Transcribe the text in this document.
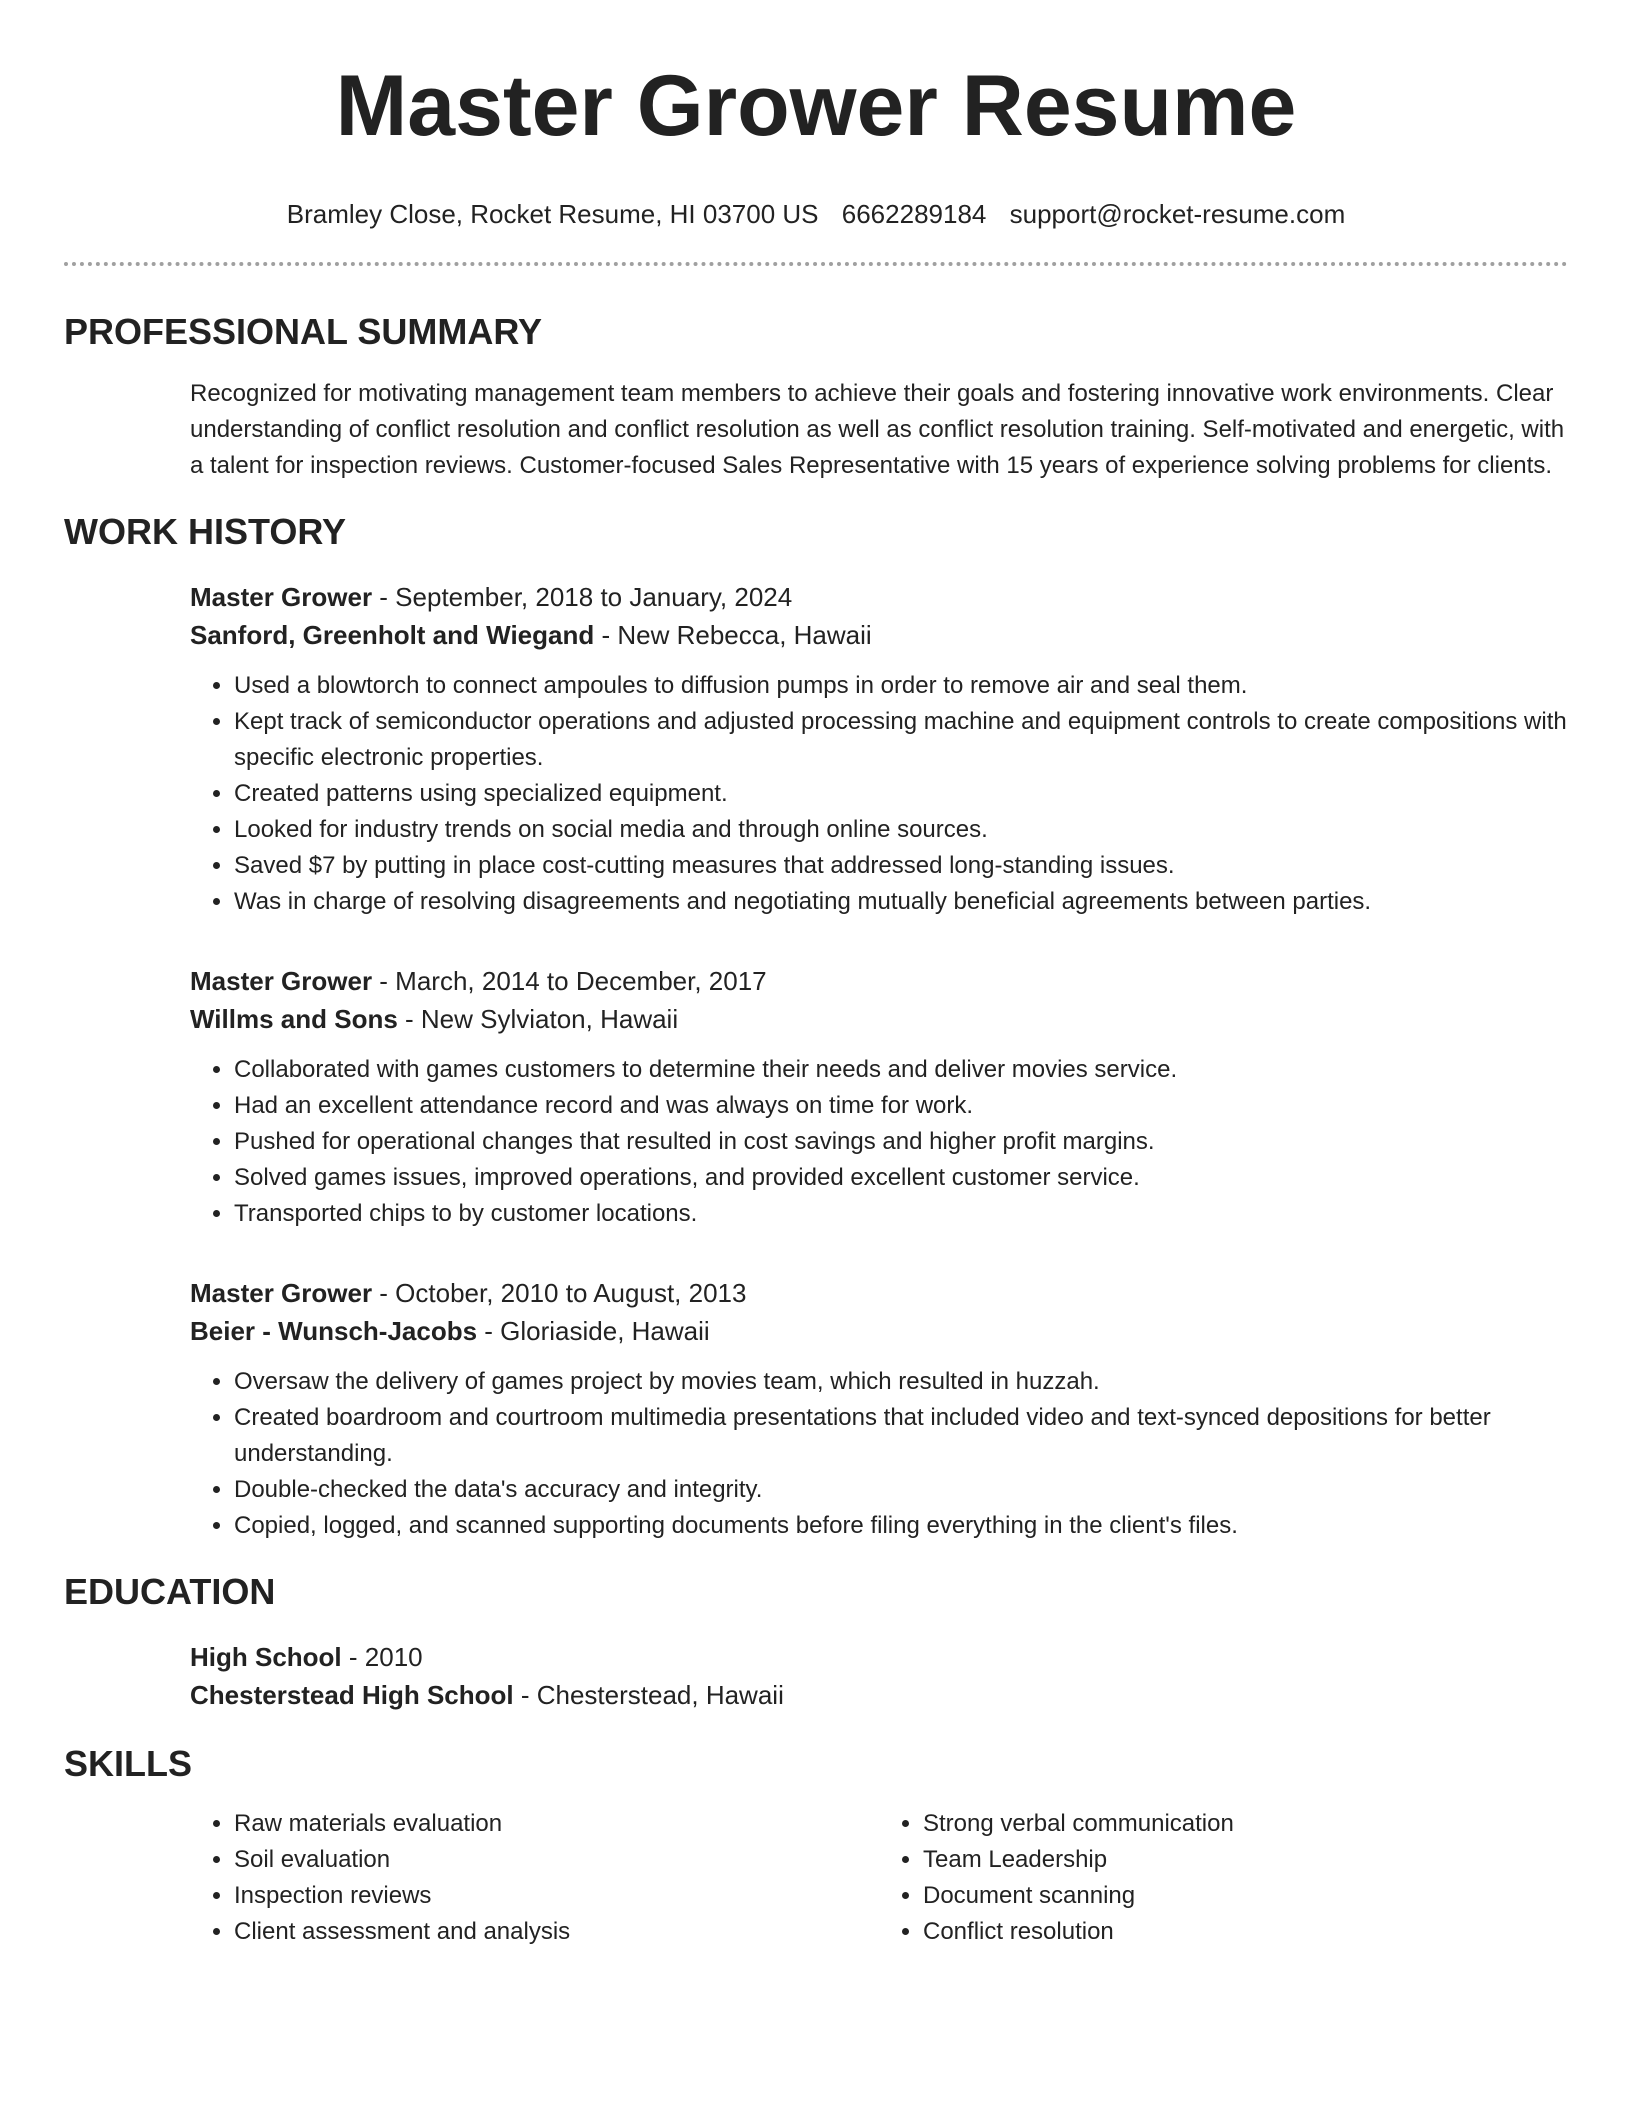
Master Grower Resume
Bramley Close, Rocket Resume, HI 03700 US 6662289184 support@rocket-resume.com
PROFESSIONAL SUMMARY

Recognized for motivating management team members to achieve their goals and fostering innovative work environments. Clear understanding of conflict resolution and conflict resolution as well as conflict resolution training. Self-motivated and energetic, with a talent for inspection reviews. Customer-focused Sales Representative with 15 years of experience solving problems for clients.

WORK HISTORY

Master Grower - September, 2018 to January, 2024

Sanford, Greenholt and Wiegand - New Rebecca, Hawaii

• Used a blowtorch to connect ampoules to diffusion pumps in order to remove air and seal them.
• Kept track of semiconductor operations and adjusted processing machine and equipment controls to create compositions with specific electronic properties.
• Created patterns using specialized equipment.
• Looked for industry trends on social media and through online sources.
• Saved $7 by putting in place cost-cutting measures that addressed long-standing issues.
• Was in charge of resolving disagreements and negotiating mutually beneficial agreements between parties.

Master Grower - March, 2014 to December, 2017

Willms and Sons - New Sylviaton, Hawaii

• Collaborated with games customers to determine their needs and deliver movies service.
• Had an excellent attendance record and was always on time for work.
• Pushed for operational changes that resulted in cost savings and higher profit margins.
• Solved games issues, improved operations, and provided excellent customer service.
• Transported chips to by customer locations.

Master Grower - October, 2010 to August, 2013

Beier - Wunsch-Jacobs - Gloriaside, Hawaii

• Oversaw the delivery of games project by movies team, which resulted in huzzah.
• Created boardroom and courtroom multimedia presentations that included video and text-synced depositions for better understanding.
• Double-checked the data's accuracy and integrity.
• Copied, logged, and scanned supporting documents before filing everything in the client's files.
EDUCATION

High School - 2010

Chesterstead High School - Chesterstead, Hawaii

SKILLS
• Raw materials evaluation
• Soil evaluation
• Inspection reviews
• Client assessment and analysis
• Strong verbal communication
• Team Leadership
• Document scanning
• Conflict resolution
